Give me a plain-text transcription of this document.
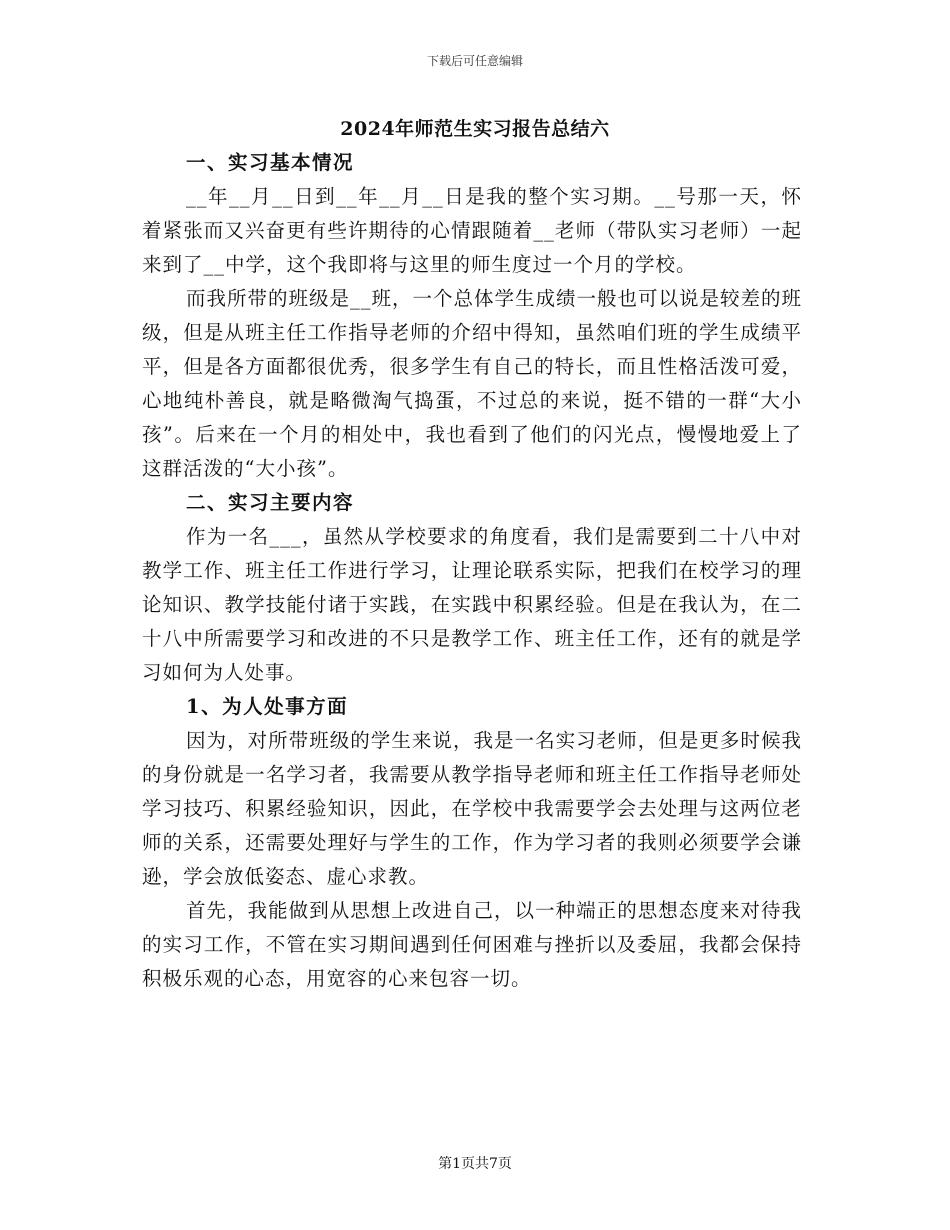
下载后可任意编辑
2024年师范生实习报告总结六

一、实习基本情况

__年__月__日到__年__月__日是我的整个实习期。__号那一天，怀着紧张而又兴奋更有些许期待的心情跟随着__老师（带队实习老师）一起来到了__中学，这个我即将与这里的师生度过一个月的学校。

而我所带的班级是__班，一个总体学生成绩一般也可以说是较差的班级，但是从班主任工作指导老师的介绍中得知，虽然咱们班的学生成绩平平，但是各方面都很优秀，很多学生有自己的特长，而且性格活泼可爱，心地纯朴善良，就是略微淘气捣蛋，不过总的来说，挺不错的一群“大小孩”。后来在一个月的相处中，我也看到了他们的闪光点，慢慢地爱上了这群活泼的“大小孩”。

二、实习主要内容

作为一名___，虽然从学校要求的角度看，我们是需要到二十八中对教学工作、班主任工作进行学习，让理论联系实际，把我们在校学习的理论知识、教学技能付诸于实践，在实践中积累经验。但是在我认为，在二十八中所需要学习和改进的不只是教学工作、班主任工作，还有的就是学习如何为人处事。

1、为人处事方面

因为，对所带班级的学生来说，我是一名实习老师，但是更多时候我的身份就是一名学习者，我需要从教学指导老师和班主任工作指导老师处学习技巧、积累经验知识，因此，在学校中我需要学会去处理与这两位老师的关系，还需要处理好与学生的工作，作为学习者的我则必须要学会谦逊，学会放低姿态、虚心求教。

首先，我能做到从思想上改进自己，以一种端正的思想态度来对待我的实习工作，不管在实习期间遇到任何困难与挫折以及委屈，我都会保持积极乐观的心态，用宽容的心来包容一切。

第1页共7页
